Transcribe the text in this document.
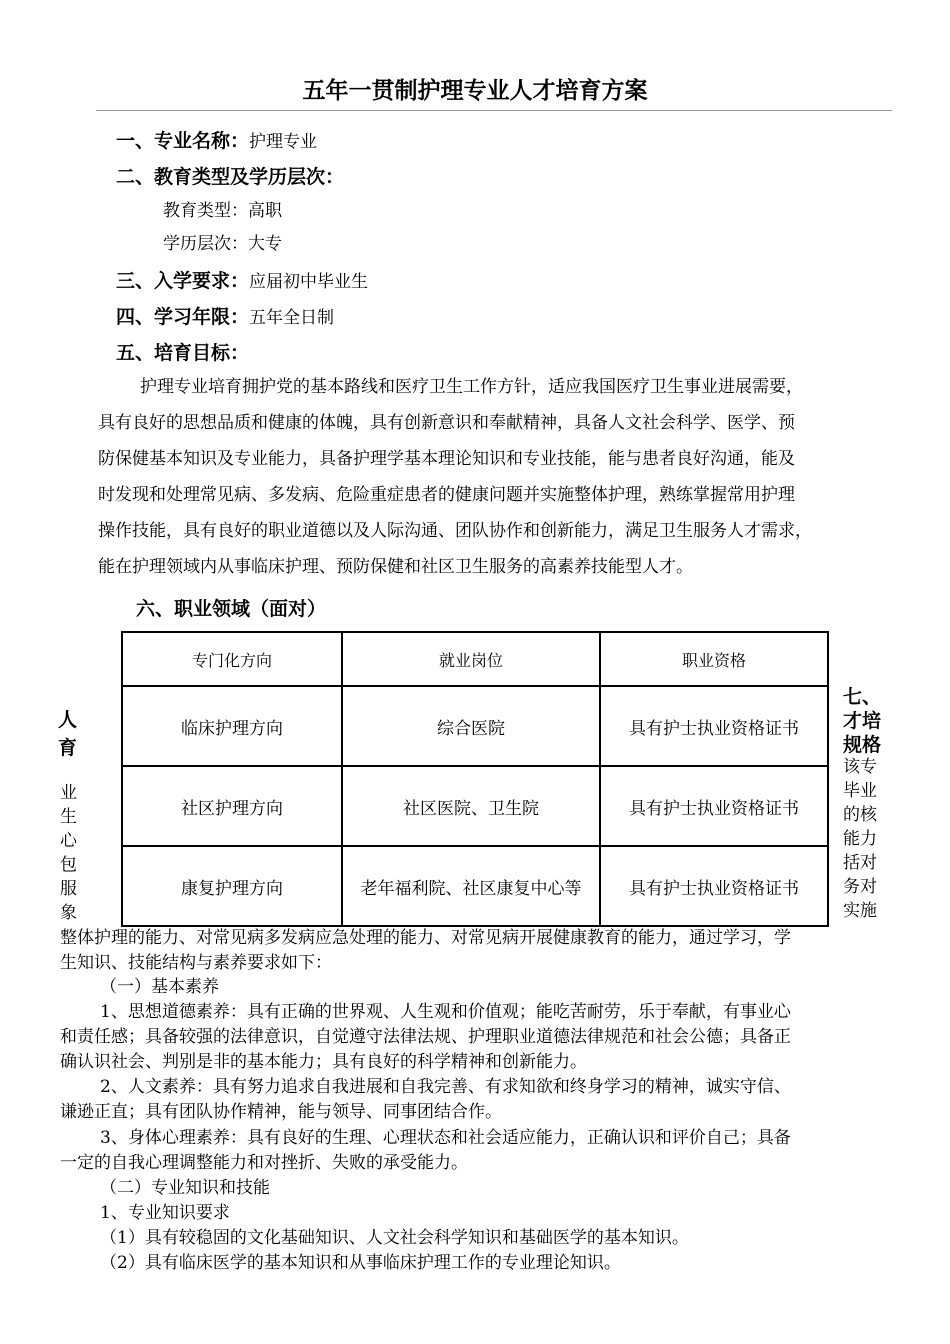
五年一贯制护理专业人才培育方案
一、专业名称：护理专业
二、教育类型及学历层次：
教育类型：高职
学历层次：大专
三、入学要求：应届初中毕业生
四、学习年限：五年全日制
五、培育目标：
护理专业培育拥护党的基本路线和医疗卫生工作方针，适应我国医疗卫生事业进展需要，
具有良好的思想品质和健康的体魄，具有创新意识和奉献精神，具备人文社会科学、医学、预
防保健基本知识及专业能力，具备护理学基本理论知识和专业技能，能与患者良好沟通，能及
时发现和处理常见病、多发病、危险重症患者的健康问题并实施整体护理，熟练掌握常用护理
操作技能，具有良好的职业道德以及人际沟通、团队协作和创新能力，满足卫生服务人才需求，
能在护理领域内从事临床护理、预防保健和社区卫生服务的高素养技能型人才。
六、职业领域（面对）
专门化方向	就业岗位	职业资格
临床护理方向	综合医院	具有护士执业资格证书
社区护理方向	社区医院、卫生院	具有护士执业资格证书
康复护理方向	老年福利院、社区康复中心等	具有护士执业资格证书
人
育
业
生
心
包
服
象
七、
才培
规格
该专
毕业
的核
能力
括对
务对
实施
整体护理的能力、对常见病多发病应急处理的能力、对常见病开展健康教育的能力，通过学习，学
生知识、技能结构与素养要求如下：
（一）基本素养
1、思想道德素养：具有正确的世界观、人生观和价值观；能吃苦耐劳，乐于奉献，有事业心
和责任感；具备较强的法律意识，自觉遵守法律法规、护理职业道德法律规范和社会公德；具备正
确认识社会、判别是非的基本能力；具有良好的科学精神和创新能力。
2、人文素养：具有努力追求自我进展和自我完善、有求知欲和终身学习的精神，诚实守信、
谦逊正直；具有团队协作精神，能与领导、同事团结合作。
3、身体心理素养：具有良好的生理、心理状态和社会适应能力，正确认识和评价自己；具备
一定的自我心理调整能力和对挫折、失败的承受能力。
（二）专业知识和技能
1、专业知识要求
（1）具有较稳固的文化基础知识、人文社会科学知识和基础医学的基本知识。
（2）具有临床医学的基本知识和从事临床护理工作的专业理论知识。
